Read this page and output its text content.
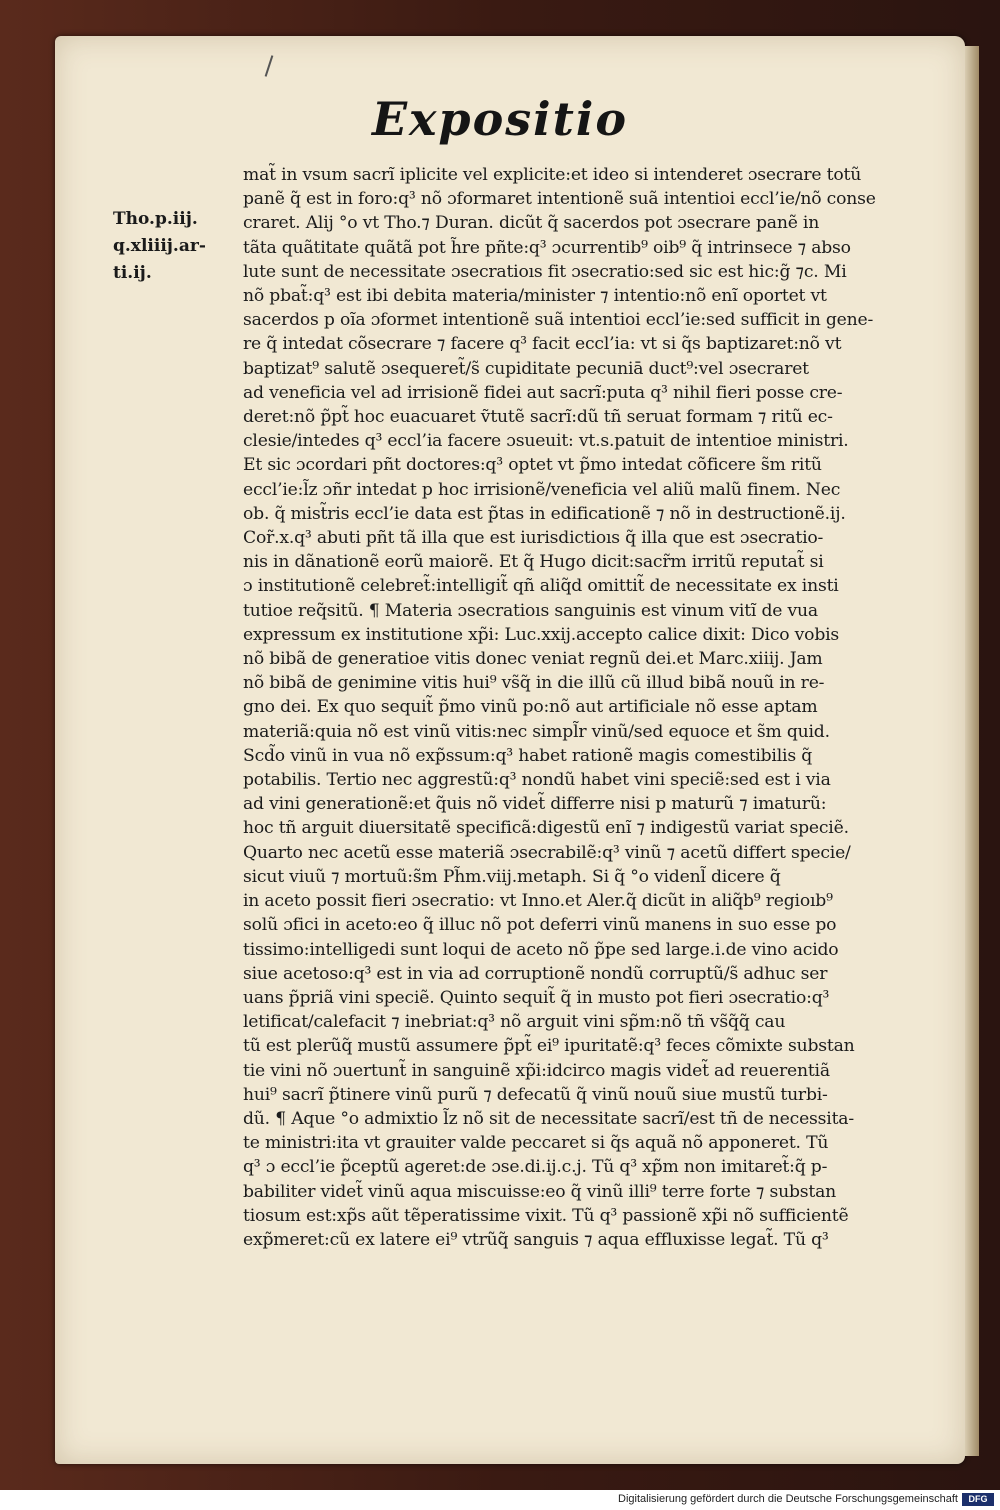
Expositio
Tho.p.iij.
q.xliiij.ar-
ti.ij.
mat̃ in vsum sacrĩ iplicite vel explicite:et ideo si intenderet ɔsecrare totũ
panẽ q̃ est in foro:q³ nõ ɔformaret intentionẽ suã intentioi eccl’ie/nõ conse
craret. Alij °o vt Tho.⁊ Duran. dicũt q̃ sacerdos pot ɔsecrare panẽ in
tãta quãtitate quãtã pot h̃re pñte:q³ ɔcurrentib⁹ oib⁹ q̃ intrinsece ⁊ abso
lute sunt de necessitate ɔsecratioıs fit ɔsecratio:sed sic est hic:g̃ ⁊c. Mi
nõ pbat̃:q³ est ibi debita materia/minister ⁊ intentio:nõ enĩ oportet vt
sacerdos p oĩa ɔformet intentionẽ suã intentioi eccl’ie:sed sufficit in gene-
re q̃ intedat cõsecrare ⁊ facere q³ facit eccl’ia: vt si q̃s baptizaret:nõ vt
baptizat⁹ salutẽ ɔsequeret̃/s̃ cupiditate pecuniā duct⁹:vel ɔsecraret
ad veneficia vel ad irrisionẽ fidei aut sacrĩ:puta q³ nihil fieri posse cre-
deret:nõ p̃pt̃ hoc euacuaret ṽtutẽ sacrĩ:dũ tñ seruat formam ⁊ ritũ ec-
clesie/intedes q³ eccl’ia facere ɔsueuit: vt.s.patuit de intentioe ministri.
Et sic ɔcordari pñt doctores:q³ optet vt p̃mo intedat cõficere s̃m ritũ
eccl’ie:l̃z ɔñr intedat p hoc irrisionẽ/veneficia vel aliũ malũ finem. Nec
ob. q̃ mist̃ris eccl’ie data est p̃tas in edificationẽ ⁊ nõ in destructionẽ.ij.
Cor̃.x.q³ abuti pñt tã illa que est iurisdictioıs q̃ illa que est ɔsecratio-
nis in dãnationẽ eorũ maiorẽ. Et q̃ Hugo dicit:sacr̃m irritũ reputat̃ si
ɔ institutionẽ celebret̃:intelligit̃ qñ aliq̃d omittit̃ de necessitate ex insti
tutioe req̃sitũ. ¶ Materia ɔsecratioıs sanguinis est vinum vitĩ de vua
expressum ex institutione xp̃i: Luc.xxij.accepto calice dixit: Dico vobis
nõ bibã de generatioe vitis donec veniat regnũ dei.et Marc.xiiij. Jam
nõ bibã de genimine vitis hui⁹ vs̃q̃ in die illũ cũ illud bibã nouũ in re-
gno dei. Ex quo sequit̃ p̃mo vinũ po:nõ aut artificiale nõ esse aptam
materiã:quia nõ est vinũ vitis:nec simpl̃r vinũ/sed equoce et s̃m quid.
Scd̃o vinũ in vua nõ exp̃ssum:q³ habet rationẽ magis comestibilis q̃
potabilis. Tertio nec aggrestũ:q³ nondũ habet vini speciẽ:sed est i via
ad vini generationẽ:et q̃uis nõ videt̃ differre nisi p maturũ ⁊ imaturũ:
hoc tñ arguit diuersitatẽ specificã:digestũ enĩ ⁊ indigestũ variat speciẽ.
Quarto nec acetũ esse materiã ɔsecrabilẽ:q³ vinũ ⁊ acetũ differt specie/
sicut viuũ ⁊ mortuũ:s̃m Ph̃m.viij.metaph. Si q̃ °o videnl̃ dicere q̃
in aceto possit fieri ɔsecratio: vt Inno.et Aler.q̃ dicũt in aliq̃b⁹ regioıb⁹
solũ ɔfici in aceto:eo q̃ illuc nõ pot deferri vinũ manens in suo esse po
tissimo:intelligedi sunt loqui de aceto nõ p̃pe sed large.i.de vino acido
siue acetoso:q³ est in via ad corruptionẽ nondũ corruptũ/s̃ adhuc ser
uans p̃priã vini speciẽ. Quinto sequit̃ q̃ in musto pot fieri ɔsecratio:q³
letificat/calefacit ⁊ inebriat:q³ nõ arguit vini sp̃m:nõ tñ vs̃q̃q̃ cau
tũ est plerũq̃ mustũ assumere p̃pt̃ ei⁹ ipuritatẽ:q³ feces cõmixte substan
tie vini nõ ɔuertunt̃ in sanguinẽ xp̃i:idcirco magis videt̃ ad reuerentiã
hui⁹ sacrĩ p̃tinere vinũ purũ ⁊ defecatũ q̃ vinũ nouũ siue mustũ turbi-
dũ. ¶ Aque °o admixtio l̃z nõ sit de necessitate sacrĩ/est tñ de necessita-
te ministri:ita vt grauiter valde peccaret si q̃s aquã nõ apponeret. Tũ
q³ ɔ eccl’ie p̃ceptũ ageret:de ɔse.di.ij.c.j. Tũ q³ xp̃m non imitaret̃:q̃ p-
babiliter videt̃ vinũ aqua miscuisse:eo q̃ vinũ illi⁹ terre forte ⁊ substan
tiosum est:xp̃s aũt tẽperatissime vixit. Tũ q³ passionẽ xp̃i nõ sufficientẽ
exp̃meret:cũ ex latere ei⁹ vtrũq̃ sanguis ⁊ aqua effluxisse legat̃. Tũ q³
Digitalisierung gefördert durch die Deutsche Forschungsgemeinschaft	DFG
